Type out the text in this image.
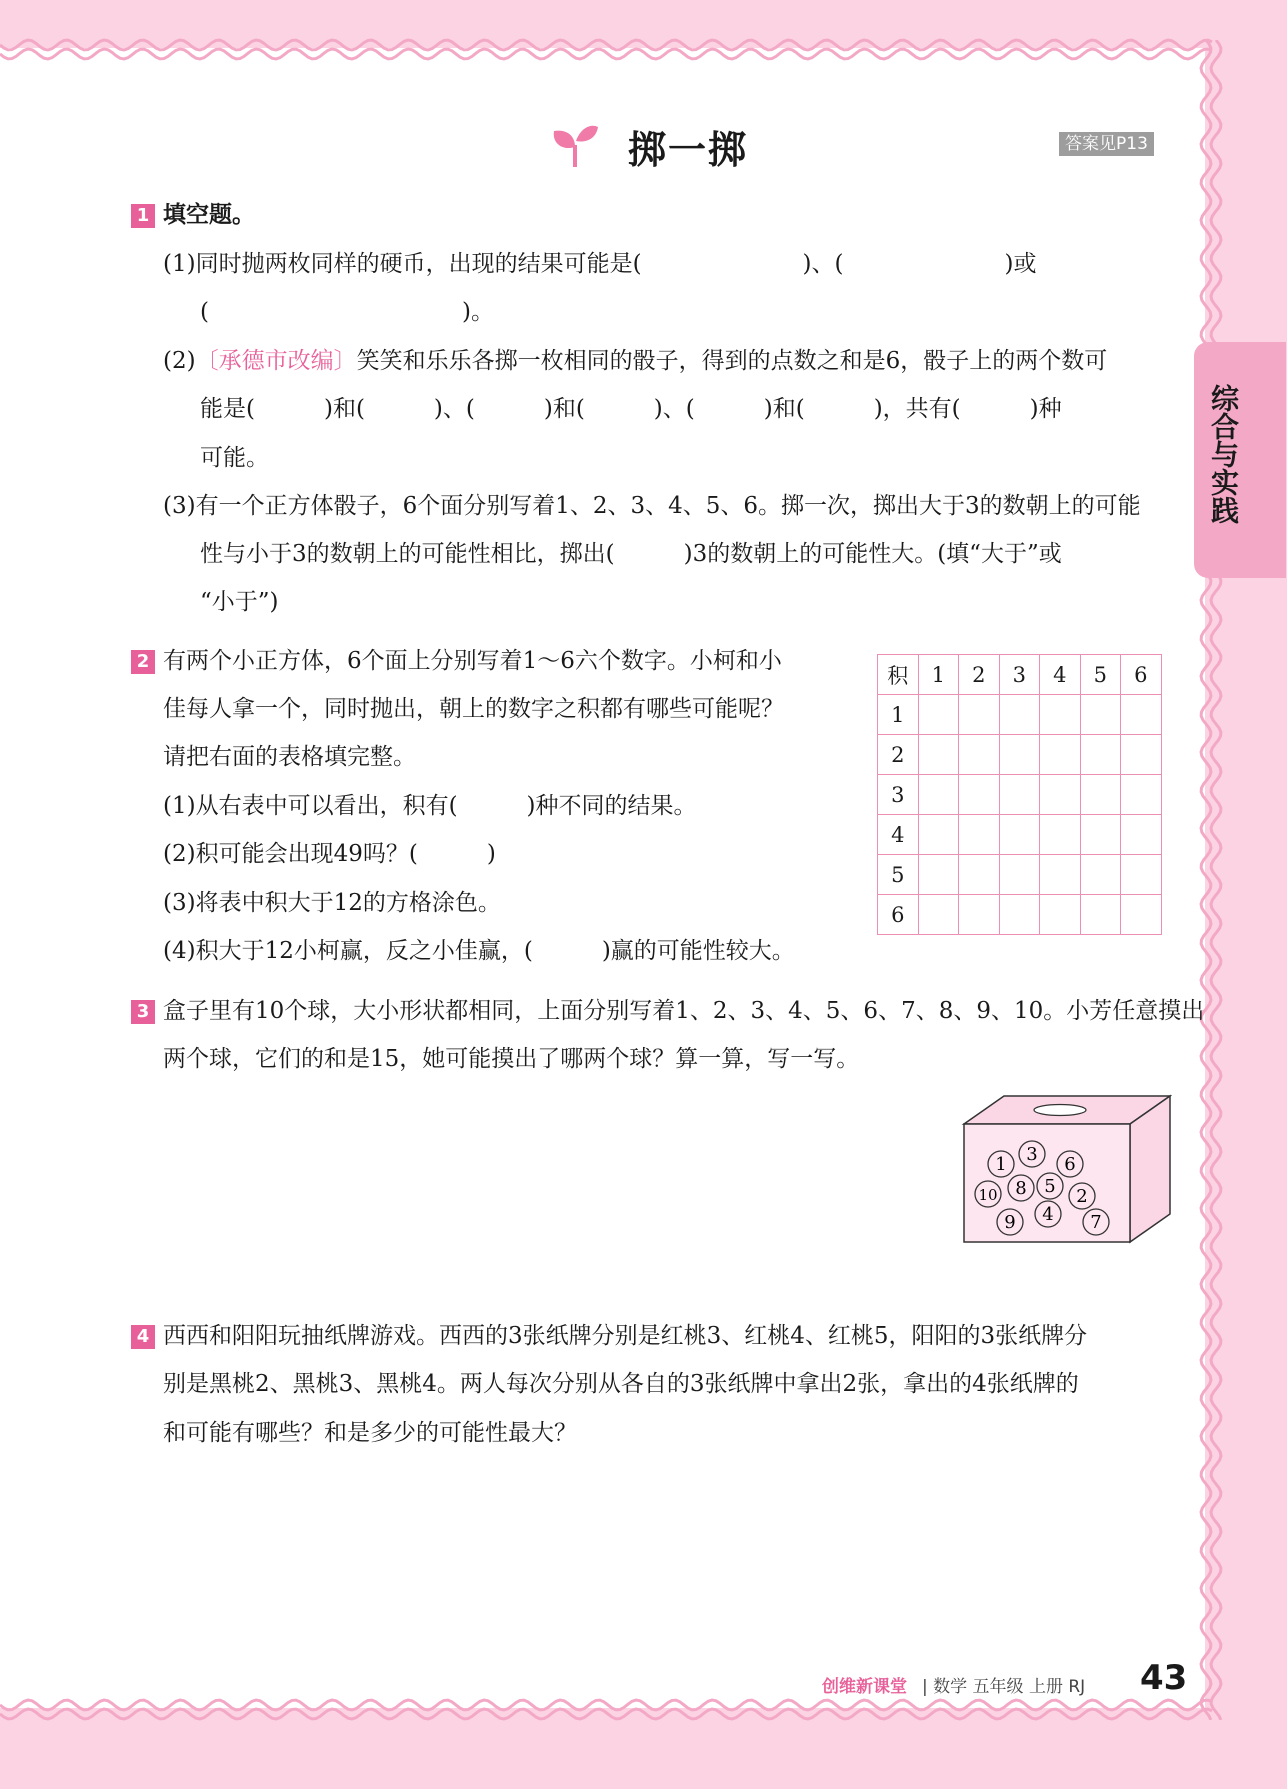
掷一掷	答案见P13
综合与实践
1 填空题。
(1)同时抛两枚同样的硬币，出现的结果可能是(　　　　　　　)、(　　　　　　　)或
(　　　　　　　　　　　)。
(2)〔承德市改编〕笑笑和乐乐各掷一枚相同的骰子，得到的点数之和是6，骰子上的两个数可
能是(　　　)和(　　　)、(　　　)和(　　　)、(　　　)和(　　　)，共有(　　　)种
可能。
(3)有一个正方体骰子，6个面分别写着1、2、3、4、5、6。掷一次，掷出大于3的数朝上的可能
性与小于3的数朝上的可能性相比，掷出(　　　)3的数朝上的可能性大。(填“大于”或
“小于”)
2 有两个小正方体，6个面上分别写着1～6六个数字。小柯和小
佳每人拿一个，同时抛出，朝上的数字之积都有哪些可能呢？
请把右面的表格填完整。
(1)从右表中可以看出，积有(　　　)种不同的结果。
(2)积可能会出现49吗？(　　　)
(3)将表中积大于12的方格涂色。
(4)积大于12小柯赢，反之小佳赢，(　　　)赢的可能性较大。
积	1	2	3	4	5	6
1						
2						
3						
4						
5						
6						
3 盒子里有10个球，大小形状都相同，上面分别写着1、2、3、4、5、6、7、8、9、10。小芳任意摸出
两个球，它们的和是15，她可能摸出了哪两个球？算一算，写一写。
1 3 6
10 8 5 2
9 4 7
4 西西和阳阳玩抽纸牌游戏。西西的3张纸牌分别是红桃3、红桃4、红桃5，阳阳的3张纸牌分
别是黑桃2、黑桃3、黑桃4。两人每次分别从各自的3张纸牌中拿出2张，拿出的4张纸牌的
和可能有哪些？和是多少的可能性最大？
创维新课堂 | 数学 五年级 上册 RJ 43
